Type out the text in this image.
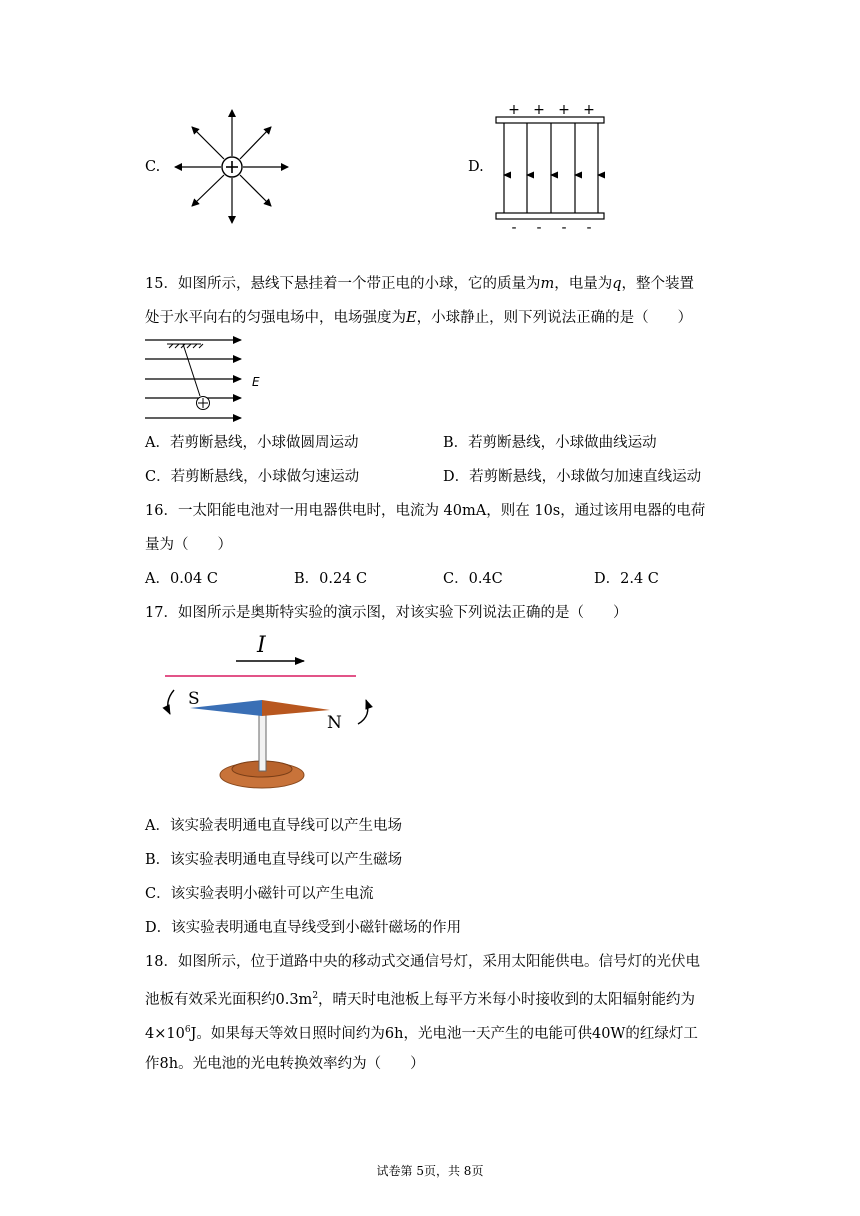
C.	D.
+ + + +
- - - -
15．如图所示，悬线下悬挂着一个带正电的小球，它的质量为m，电量为q，整个装置
处于水平向右的匀强电场中，电场强度为E，小球静止，则下列说法正确的是（　　）
E
A．若剪断悬线，小球做圆周运动	B．若剪断悬线，小球做曲线运动
C．若剪断悬线，小球做匀速运动	D．若剪断悬线，小球做匀加速直线运动
16．一太阳能电池对一用电器供电时，电流为 40mA，则在 10s，通过该用电器的电荷
量为（　　）
A．0.04 C	B．0.24 C	C．0.4C	D．2.4 C
17．如图所示是奥斯特实验的演示图，对该实验下列说法正确的是（　　）
I
S
N
A．该实验表明通电直导线可以产生电场
B．该实验表明通电直导线可以产生磁场
C．该实验表明小磁针可以产生电流
D．该实验表明通电直导线受到小磁针磁场的作用
18．如图所示，位于道路中央的移动式交通信号灯，采用太阳能供电。信号灯的光伏电
池板有效采光面积约$0.3m^2$，晴天时电池板上每平方米每小时接收到的太阳辐射能约为
$4\times 10^6J$。如果每天等效日照时间约为6h，光电池一天产生的电能可供40W的红绿灯工
作8h。光电池的光电转换效率约为（　　）
试卷第 5页，共 8页
